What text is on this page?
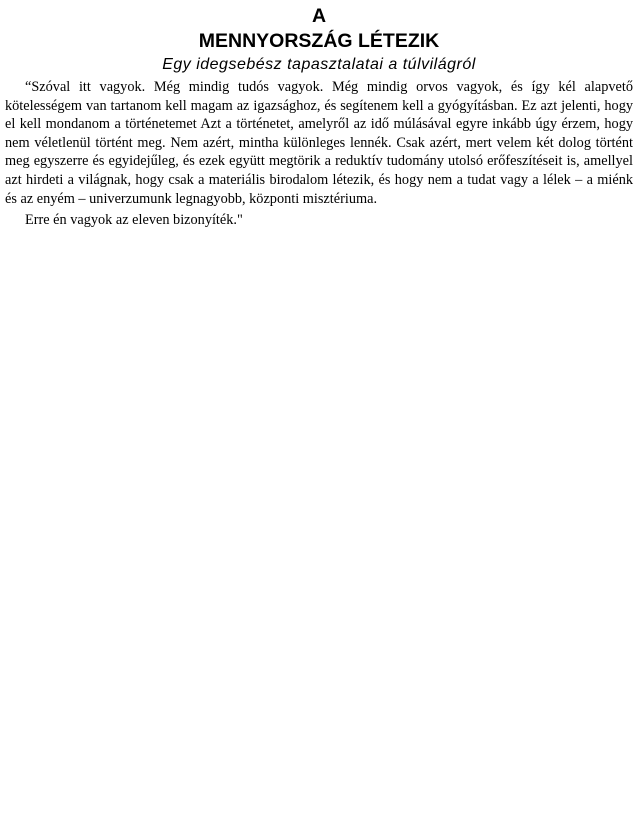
A
MENNYORSZÁG LÉTEZIK

Egy idegsebész tapasztalatai a túlvilágról

“Szóval itt vagyok. Még mindig tudós vagyok. Még mindig orvos vagyok, és így kél alapvető kötelességem van tartanom kell magam az igazsághoz, és segítenem kell a gyógyításban. Ez azt jelenti, hogy el kell mondanom a történetemet Azt a történetet, amelyről az idő múlásával egyre inkább úgy érzem, hogy nem véletlenül történt meg. Nem azért, mintha különleges lennék. Csak azért, mert velem két dolog történt meg egyszerre és egyidejűleg, és ezek együtt megtörik a reduktív tudomány utolsó erőfeszítéseit is, amellyel azt hirdeti a világnak, hogy csak a materiális birodalom létezik, és hogy nem a tudat vagy a lélek – a miénk és az enyém – univerzumunk legnagyobb, központi misztériuma.

Erre én vagyok az eleven bizonyíték."
